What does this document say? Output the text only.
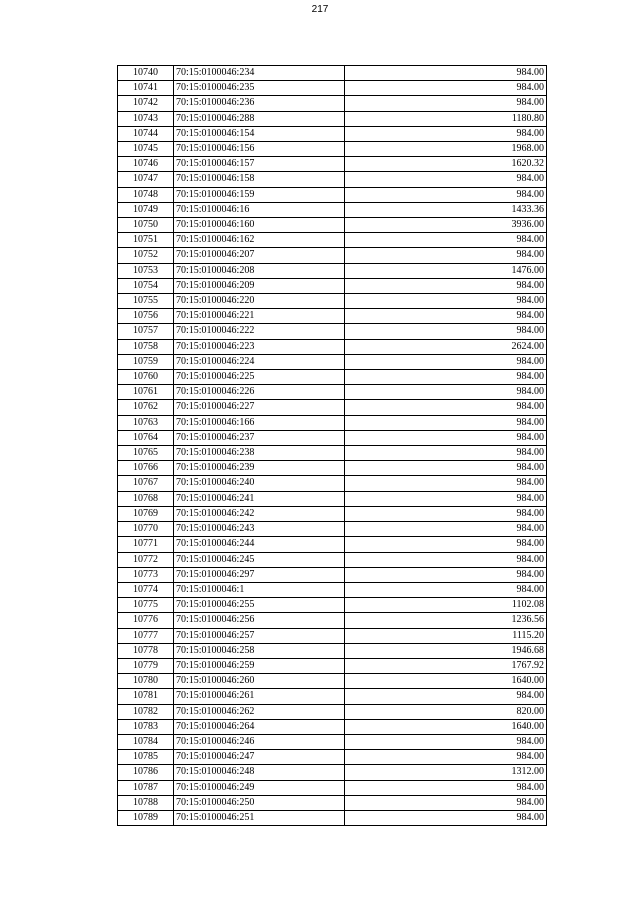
217
10740	70:15:0100046:234	984.00
10741	70:15:0100046:235	984.00
10742	70:15:0100046:236	984.00
10743	70:15:0100046:288	1180.80
10744	70:15:0100046:154	984.00
10745	70:15:0100046:156	1968.00
10746	70:15:0100046:157	1620.32
10747	70:15:0100046:158	984.00
10748	70:15:0100046:159	984.00
10749	70:15:0100046:16	1433.36
10750	70:15:0100046:160	3936.00
10751	70:15:0100046:162	984.00
10752	70:15:0100046:207	984.00
10753	70:15:0100046:208	1476.00
10754	70:15:0100046:209	984.00
10755	70:15:0100046:220	984.00
10756	70:15:0100046:221	984.00
10757	70:15:0100046:222	984.00
10758	70:15:0100046:223	2624.00
10759	70:15:0100046:224	984.00
10760	70:15:0100046:225	984.00
10761	70:15:0100046:226	984.00
10762	70:15:0100046:227	984.00
10763	70:15:0100046:166	984.00
10764	70:15:0100046:237	984.00
10765	70:15:0100046:238	984.00
10766	70:15:0100046:239	984.00
10767	70:15:0100046:240	984.00
10768	70:15:0100046:241	984.00
10769	70:15:0100046:242	984.00
10770	70:15:0100046:243	984.00
10771	70:15:0100046:244	984.00
10772	70:15:0100046:245	984.00
10773	70:15:0100046:297	984.00
10774	70:15:0100046:1	984.00
10775	70:15:0100046:255	1102.08
10776	70:15:0100046:256	1236.56
10777	70:15:0100046:257	1115.20
10778	70:15:0100046:258	1946.68
10779	70:15:0100046:259	1767.92
10780	70:15:0100046:260	1640.00
10781	70:15:0100046:261	984.00
10782	70:15:0100046:262	820.00
10783	70:15:0100046:264	1640.00
10784	70:15:0100046:246	984.00
10785	70:15:0100046:247	984.00
10786	70:15:0100046:248	1312.00
10787	70:15:0100046:249	984.00
10788	70:15:0100046:250	984.00
10789	70:15:0100046:251	984.00
